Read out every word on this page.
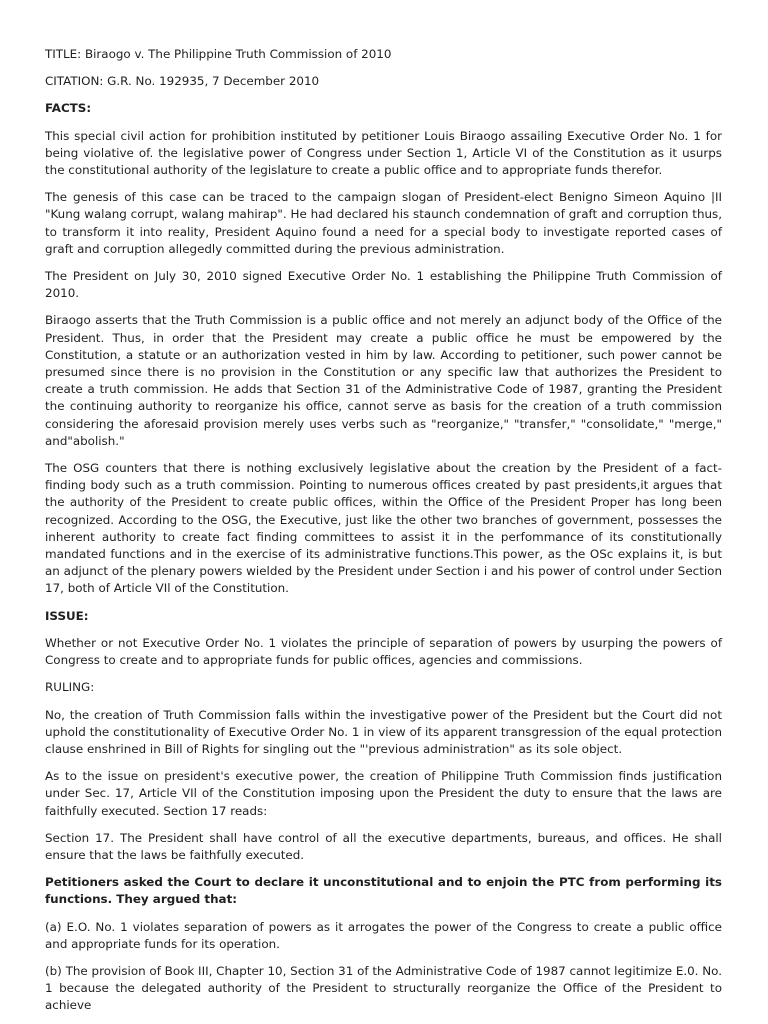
TITLE: Biraogo v. The Philippine Truth Commission of 2010

CITATION: G.R. No. 192935, 7 December 2010

FACTS:

This special civil action for prohibition instituted by petitioner Louis Biraogo assailing Executive Order No. 1 for being violative of. the legislative power of Congress under Section 1, Article VI of the Constitution as it usurps the constitutional authority of the legislature to create a public office and to appropriate funds therefor.

The genesis of this case can be traced to the campaign slogan of President-elect Benigno Simeon Aquino |II "Kung walang corrupt, walang mahirap". He had declared his staunch condemnation of graft and corruption thus, to transform it into reality, President Aquino found a need for a special body to investigate reported cases of graft and corruption allegedly committed during the previous administration.

The President on July 30, 2010 signed Executive Order No. 1 establishing the Philippine Truth Commission of 2010.

Biraogo asserts that the Truth Commission is a public office and not merely an adjunct body of the Office of the President. Thus, in order that the President may create a public office he must be empowered by the Constitution, a statute or an authorization vested in him by law. According to petitioner, such power cannot be presumed since there is no provision in the Constitution or any specific law that authorizes the President to create a truth commission. He adds that Section 31 of the Administrative Code of 1987, granting the President the continuing authority to reorganize his office, cannot serve as basis for the creation of a truth commission considering the aforesaid provision merely uses verbs such as "reorganize," "transfer," "consolidate," "merge," and"abolish."

The OSG counters that there is nothing exclusively legislative about the creation by the President of a fact-finding body such as a truth commission. Pointing to numerous offices created by past presidents,it argues that the authority of the President to create public offices, within the Office of the President Proper has long been recognized. According to the OSG, the Executive, just like the other two branches of government, possesses the inherent authority to create fact finding committees to assist it in the perfommance of its constitutionally mandated functions and in the exercise of its administrative functions.This power, as the OSc explains it, is but an adjunct of the plenary powers wielded by the President under Section i and his power of control under Section 17, both of Article VIl of the Constitution.

ISSUE:

Whether or not Executive Order No. 1 violates the principle of separation of powers by usurping the powers of Congress to create and to appropriate funds for public offices, agencies and commissions.

RULING:

No, the creation of Truth Commission falls within the investigative power of the President but the Court did not uphold the constitutionality of Executive Order No. 1 in view of its apparent transgression of the equal protection clause enshrined in Bill of Rights for singling out the "'previous administration" as its sole object.

As to the issue on president's executive power, the creation of Philippine Truth Commission finds justification under Sec. 17, Article VIl of the Constitution imposing upon the President the duty to ensure that the laws are faithfully executed. Section 17 reads:

Section 17. The President shall have control of all the executive departments, bureaus, and offices. He shall ensure that the laws be faithfully executed.

Petitioners asked the Court to declare it unconstitutional and to enjoin the PTC from performing its functions. They argued that:

(a) E.O. No. 1 violates separation of powers as it arrogates the power of the Congress to create a public office and appropriate funds for its operation.

(b) The provision of Book III, Chapter 10, Section 31 of the Administrative Code of 1987 cannot legitimize E.0. No. 1 because the delegated authority of the President to structurally reorganize the Office of the President to achieve
